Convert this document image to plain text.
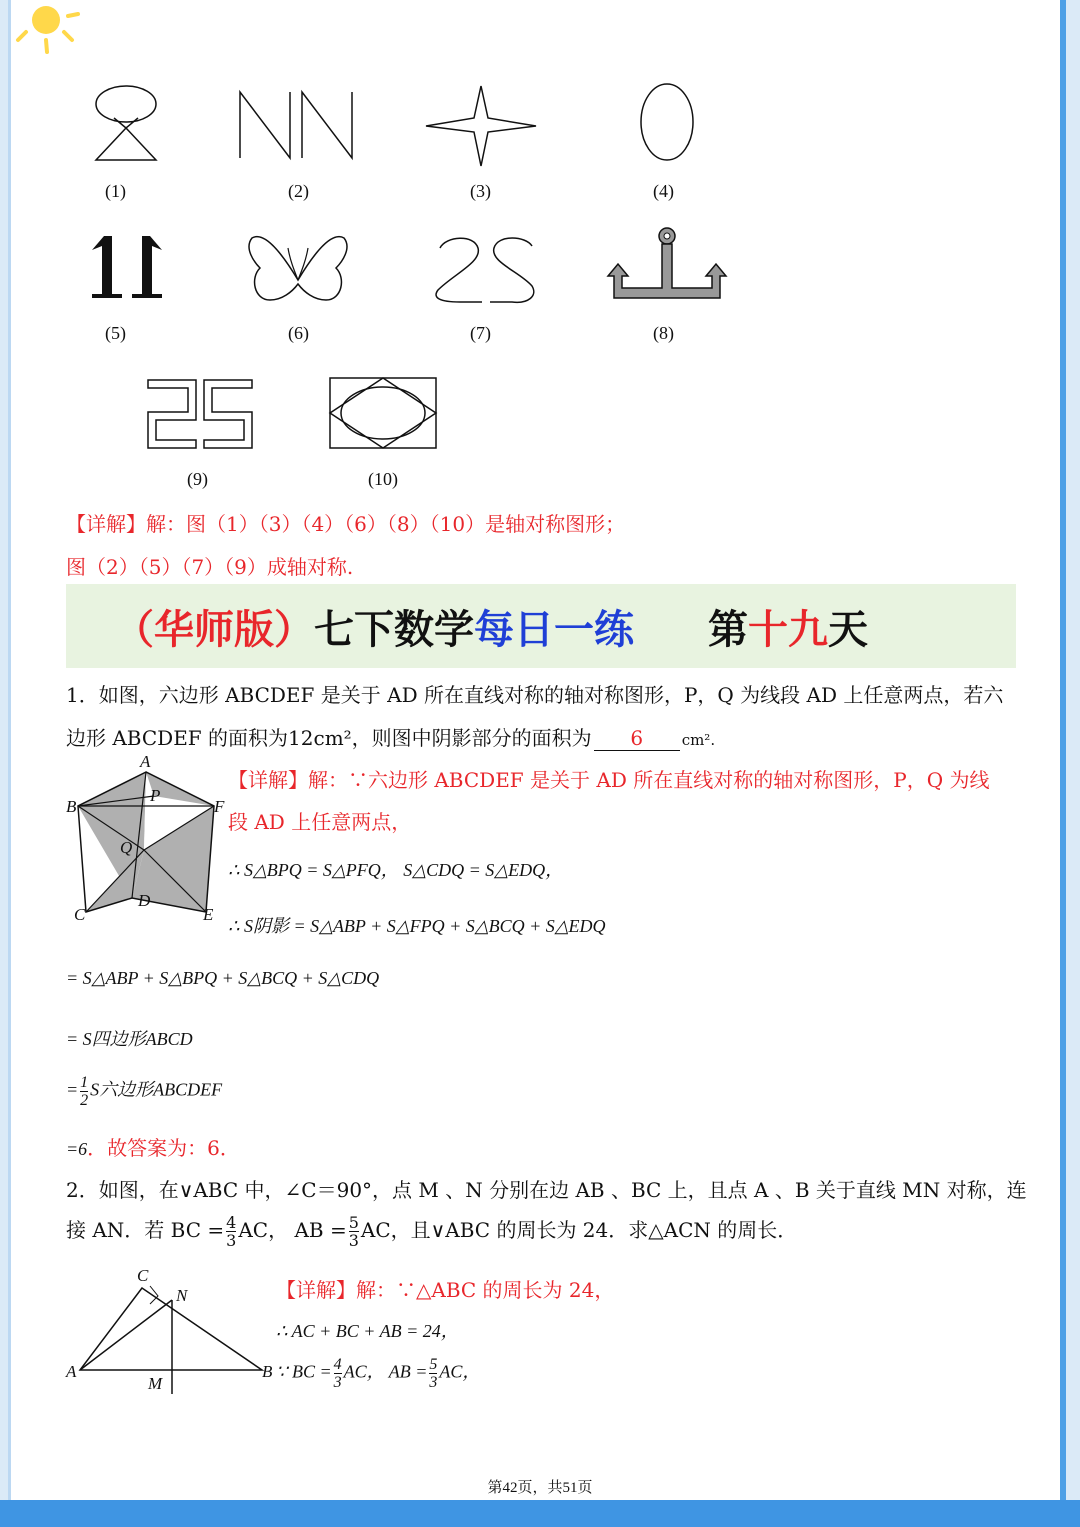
(1)	(2)	(3)	(4)
(5)	(6)	(7)	(8)
(9)	(10)
【详解】解：图（1）（3）（4）（6）（8）（10）是轴对称图形；
图（2）（5）（7）（9）成轴对称.
（华师版） 七下数学 每日一练 第 十九 天
1．如图，六边形 ABCDEF 是关于 AD 所在直线对称的轴对称图形，P，Q 为线段 AD 上任意两点，若六
边形 ABCDEF 的面积为12cm²，则图中阴影部分的面积为 6	cm².
A
B
P
F
Q
C
D
E
【详解】解：∵六边形 ABCDEF 是关于 AD 所在直线对称的轴对称图形，P，Q 为线
段 AD 上任意两点，
∴ S△BPQ = S△PFQ， S△CDQ = S△EDQ，
∴ S阴影 = S△ABP + S△FPQ + S△BCQ + S△EDQ
= S△ABP + S△BPQ + S△BCQ + S△CDQ
= S四边形ABCD
= $\frac{1}{2}$ S六边形ABCDEF
=6．故答案为：6．
2．如图，在∨ABC 中，∠C＝90°，点 M 、N 分别在边 AB 、BC 上，且点 A 、B 关于直线 MN 对称，连
接 AN．若 BC = $\frac{4}{3}$ AC， AB = $\frac{5}{3}$ AC，且∨ABC 的周长为 24．求△ACN 的周长．
C
N
A	B
M
【详解】解：∵△ABC 的周长为 24，
∴ AC + BC + AB = 24，
∵ BC = $\frac{4}{3}$ AC， AB = $\frac{5}{3}$ AC，
第42页，共51页
